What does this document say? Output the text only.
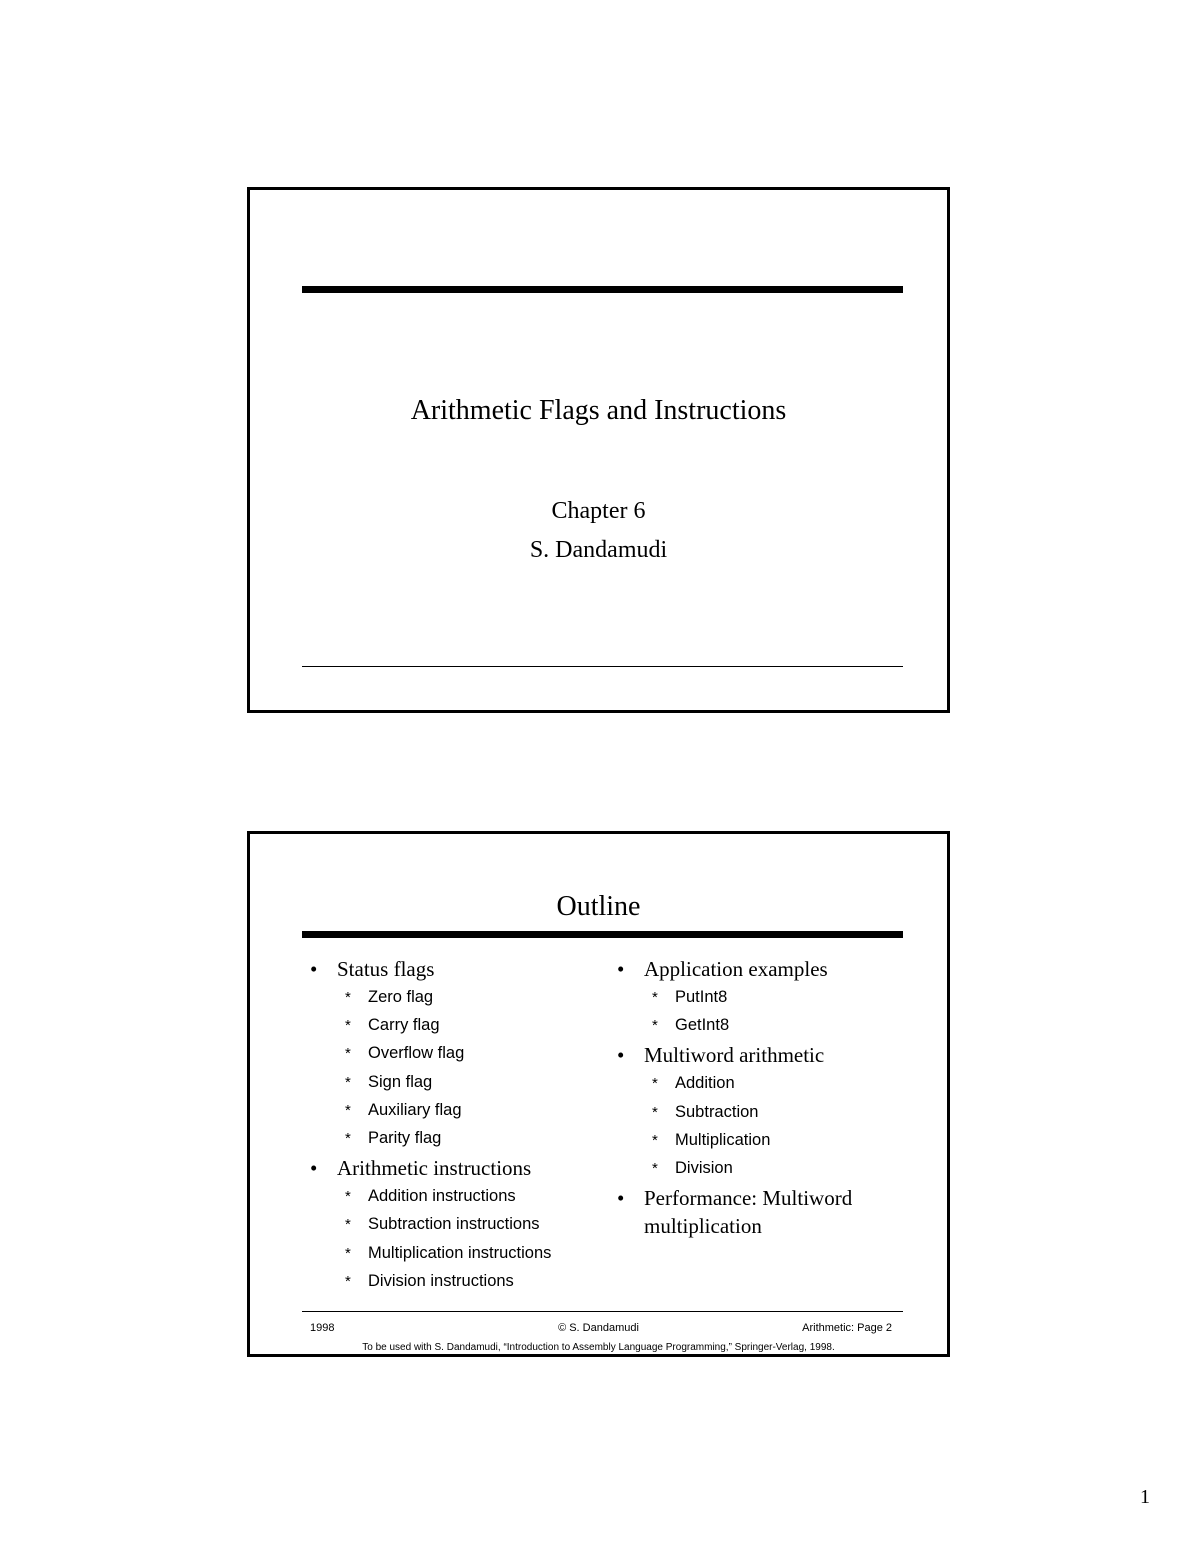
Arithmetic Flags and Instructions
Chapter 6
S. Dandamudi
Outline
• Status flags
* Zero flag
* Carry flag
* Overflow flag
* Sign flag
* Auxiliary flag
* Parity flag
• Arithmetic instructions
* Addition instructions
* Subtraction instructions
* Multiplication instructions
* Division instructions
• Application examples
* PutInt8
* GetInt8
• Multiword arithmetic
* Addition
* Subtraction
* Multiplication
* Division
• Performance: Multiword multiplication
1998	© S. Dandamudi	Arithmetic: Page 2
To be used with S. Dandamudi, “Introduction to Assembly Language Programming,” Springer-Verlag, 1998.
1
